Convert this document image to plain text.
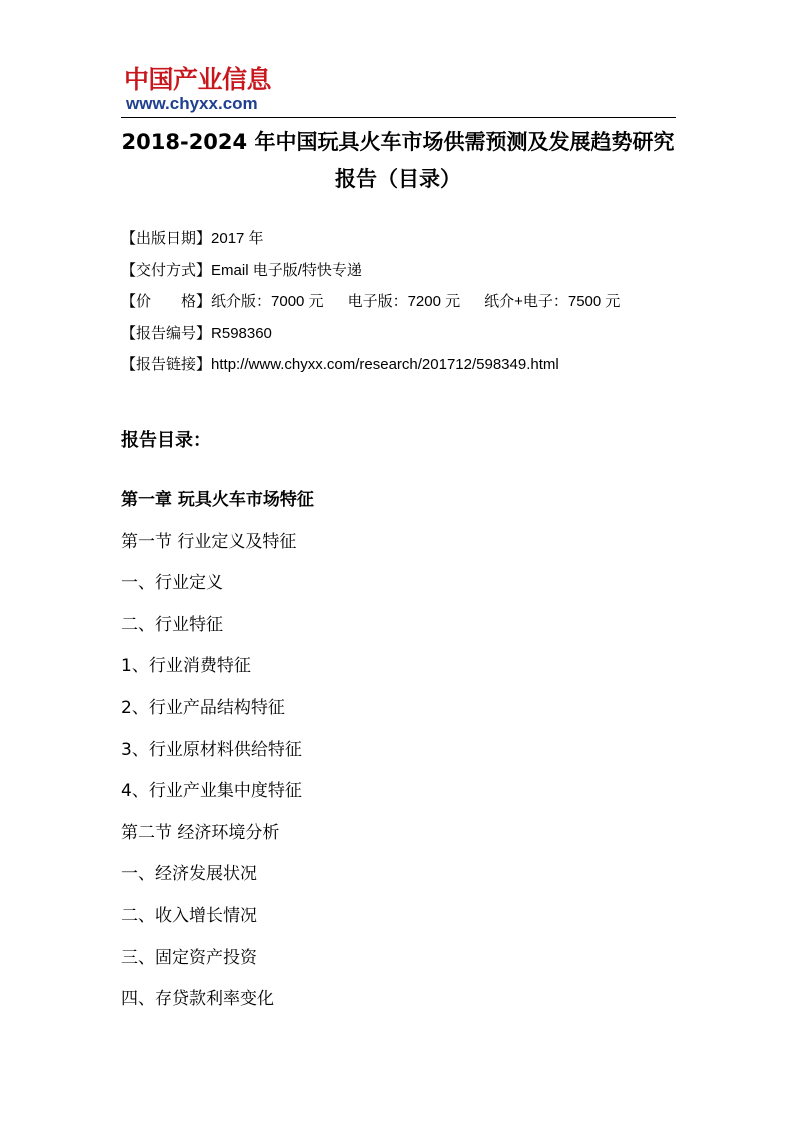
中国产业信息
www.chyxx.com
2018-2024 年中国玩具火车市场供需预测及发展趋势研究报告（目录）
【出版日期】2017 年
【交付方式】Email 电子版/特快专递
【价　　格】纸介版：7000 元 电子版：7200 元 纸介+电子：7500 元
【报告编号】R598360
【报告链接】http://www.chyxx.com/research/201712/598349.html
报告目录：
第一章 玩具火车市场特征
第一节 行业定义及特征
一、行业定义
二、行业特征
1、行业消费特征
2、行业产品结构特征
3、行业原材料供给特征
4、行业产业集中度特征
第二节 经济环境分析
一、经济发展状况
二、收入增长情况
三、固定资产投资
四、存贷款利率变化
